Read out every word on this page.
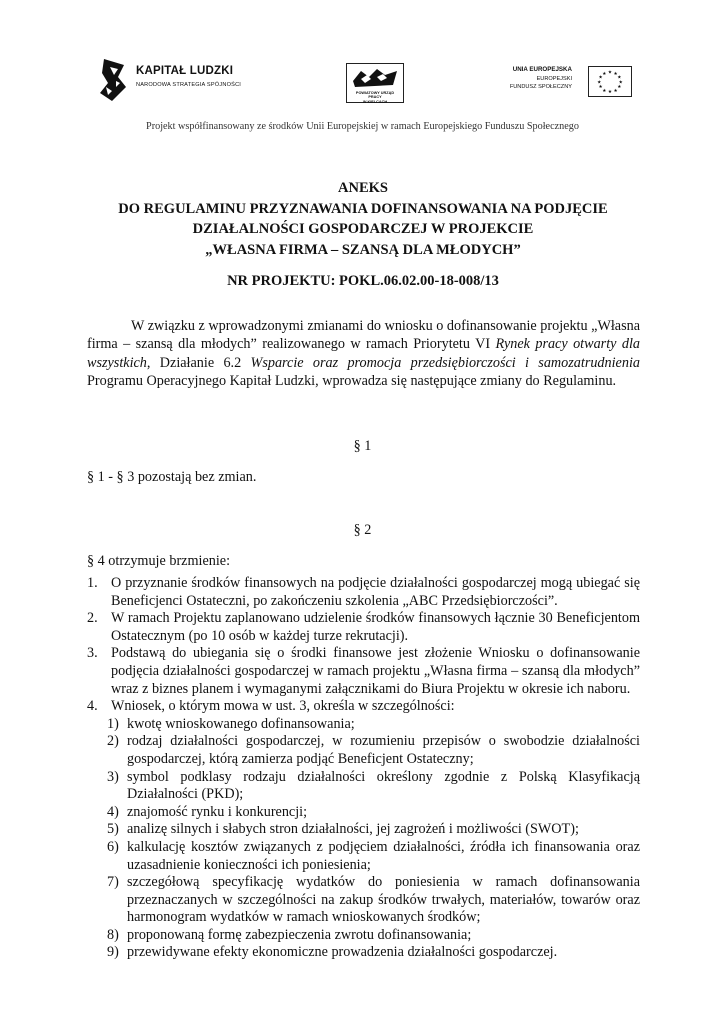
KAPITAŁ LUDZKI
NARODOWA STRATEGIA SPÓJNOŚCI
POWIATOWY URZĄD PRACY
W KIELCACH
UNIA EUROPEJSKA
EUROPEJSKI
FUNDUSZ SPOŁECZNY
★ ★
★
★
★
★
★
★
★
★
★
★
Projekt współfinansowany ze środków Unii Europejskiej w ramach Europejskiego Funduszu Społecznego
ANEKS
DO REGULAMINU PRZYZNAWANIA DOFINANSOWANIA NA PODJĘCIE
DZIAŁALNOŚCI GOSPODARCZEJ W PROJEKCIE
„WŁASNA FIRMA – SZANSĄ DLA MŁODYCH”
NR PROJEKTU: POKL.06.02.00-18-008/13
W związku z wprowadzonymi zmianami do wniosku o dofinansowanie projektu „Własna firma – szansą dla młodych” realizowanego w ramach Priorytetu VI Rynek pracy otwarty dla wszystkich, Działanie 6.2 Wsparcie oraz promocja przedsiębiorczości i samozatrudnienia Programu Operacyjnego Kapitał Ludzki, wprowadza się następujące zmiany do Regulaminu.
§ 1
§ 1 - § 3 pozostają bez zmian.
§ 2
§ 4 otrzymuje brzmienie:
1. O przyznanie środków finansowych na podjęcie działalności gospodarczej mogą ubiegać się Beneficjenci Ostateczni, po zakończeniu szkolenia „ABC Przedsiębiorczości”.
2. W ramach Projektu zaplanowano udzielenie środków finansowych łącznie 30 Beneficjentom Ostatecznym (po 10 osób w każdej turze rekrutacji).
3. Podstawą do ubiegania się o środki finansowe jest złożenie Wniosku o dofinansowanie podjęcia działalności gospodarczej w ramach projektu „Własna firma – szansą dla młodych” wraz z biznes planem i wymaganymi załącznikami do Biura Projektu w okresie ich naboru.
4. Wniosek, o którym mowa w ust. 3, określa w szczególności:
1) kwotę wnioskowanego dofinansowania;
2) rodzaj działalności gospodarczej, w rozumieniu przepisów o swobodzie działalności gospodarczej, którą zamierza podjąć Beneficjent Ostateczny;
3) symbol podklasy rodzaju działalności określony zgodnie z Polską Klasyfikacją Działalności (PKD);
4) znajomość rynku i konkurencji;
5) analizę silnych i słabych stron działalności, jej zagrożeń i możliwości (SWOT);
6) kalkulację kosztów związanych z podjęciem działalności, źródła ich finansowania oraz uzasadnienie konieczności ich poniesienia;
7) szczegółową specyfikację wydatków do poniesienia w ramach dofinansowania przeznaczanych w szczególności na zakup środków trwałych, materiałów, towarów oraz harmonogram wydatków w ramach wnioskowanych środków;
8) proponowaną formę zabezpieczenia zwrotu dofinansowania;
9) przewidywane efekty ekonomiczne prowadzenia działalności gospodarczej.
